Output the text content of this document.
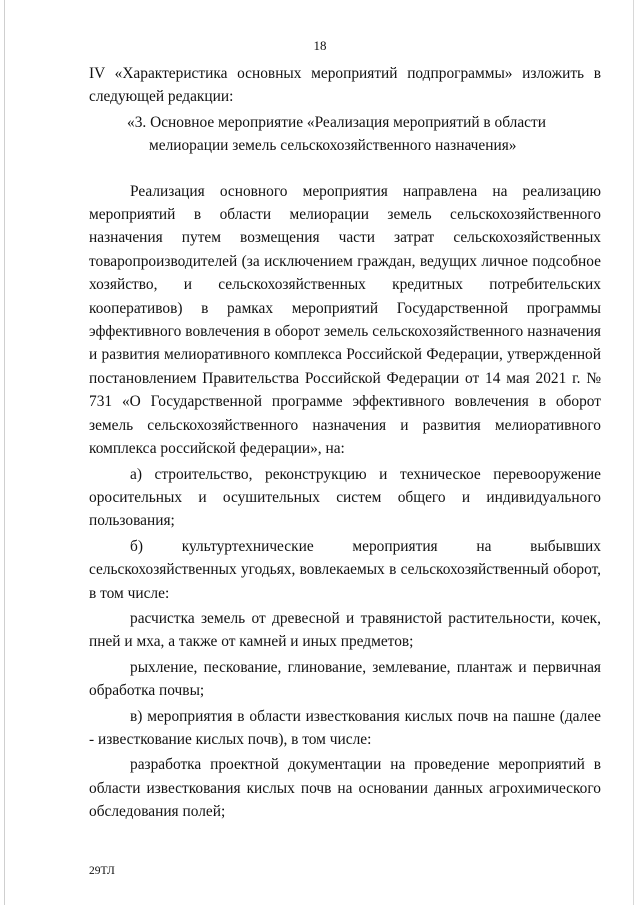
18

IV «Характеристика основных мероприятий подпрограммы» изложить в следующей редакции:

«3. Основное мероприятие «Реализация мероприятий в области

мелиорации земель сельскохозяйственного назначения»

Реализация основного мероприятия направлена на реализацию мероприятий в области мелиорации земель сельскохозяйственного назначения путем возмещения части затрат сельскохозяйственных товаропроизводителей (за исключением граждан, ведущих личное подсобное хозяйство, и сельскохозяйственных кредитных потребительских кооперативов) в рамках мероприятий Государственной программы эффективного вовлечения в оборот земель сельскохозяйственного назначения и развития мелиоративного комплекса Российской Федерации, утвержденной постановлением Правительства Российской Федерации от 14 мая 2021 г. № 731 «О Государственной программе эффективного вовлечения в оборот земель сельскохозяйственного назначения и развития мелиоративного комплекса российской федерации», на:

а) строительство, реконструкцию и техническое перевооружение оросительных и осушительных систем общего и индивидуального пользования;

б) культуртехнические мероприятия на выбывших сельскохозяйственных угодьях, вовлекаемых в сельскохозяйственный оборот, в том числе:

расчистка земель от древесной и травянистой растительности, кочек, пней и мха, а также от камней и иных предметов;

рыхление, пескование, глинование, землевание, плантаж и первичная обработка почвы;

в) мероприятия в области известкования кислых почв на пашне (далее - известкование кислых почв), в том числе:

разработка проектной документации на проведение мероприятий в области известкования кислых почв на основании данных агрохимического обследования полей;

29ТЛ
